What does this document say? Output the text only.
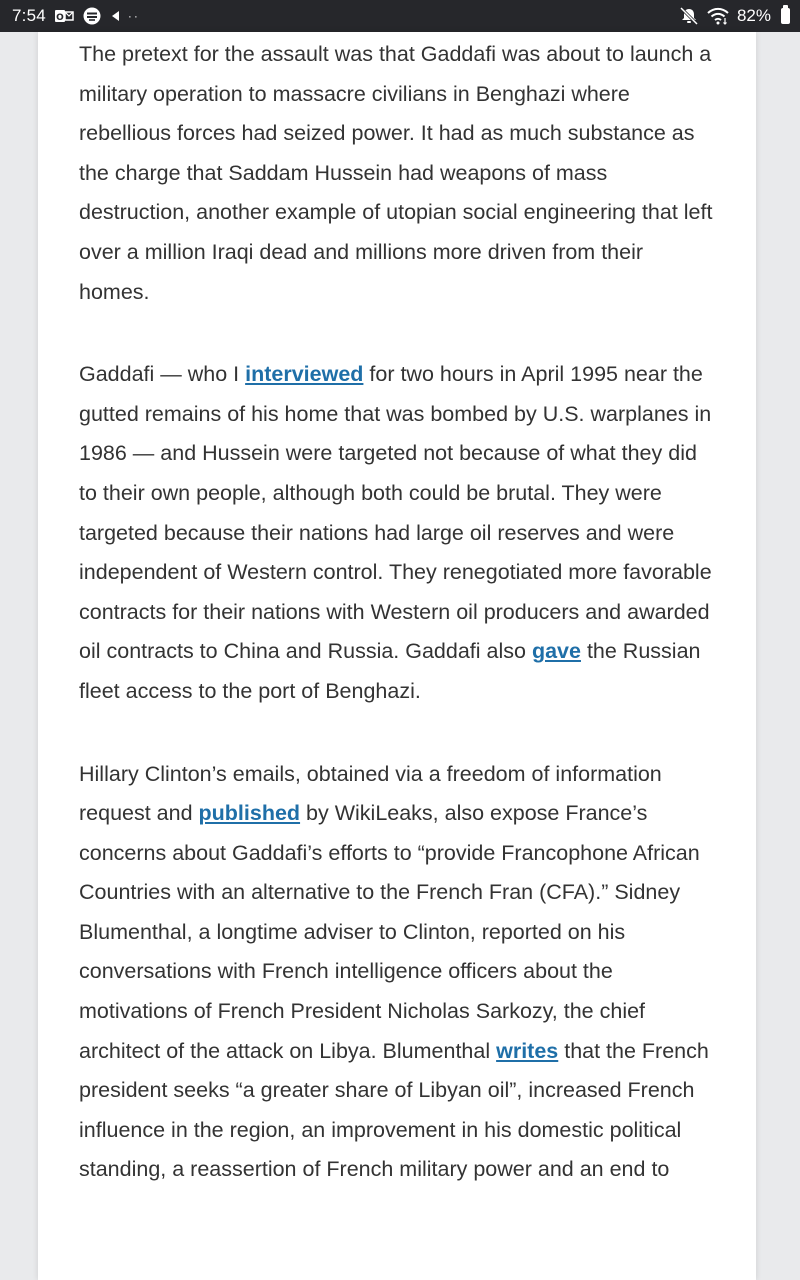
7:54 O	··	82%

The pretext for the assault was that Gaddafi was about to launch a military operation to massacre civilians in Benghazi where rebellious forces had seized power. It had as much substance as the charge that Saddam Hussein had weapons of mass destruction, another example of utopian social engineering that left over a million Iraqi dead and millions more driven from their homes.

Gaddafi — who I interviewed for two hours in April 1995 near the gutted remains of his home that was bombed by U.S. warplanes in 1986 — and Hussein were targeted not because of what they did to their own people, although both could be brutal. They were targeted because their nations had large oil reserves and were independent of Western control. They renegotiated more favorable contracts for their nations with Western oil producers and awarded oil contracts to China and Russia. Gaddafi also gave the Russian fleet access to the port of Benghazi.

Hillary Clinton’s emails, obtained via a freedom of information request and published by WikiLeaks, also expose France’s concerns about Gaddafi’s efforts to “provide Francophone African Countries with an alternative to the French Fran (CFA).” Sidney Blumenthal, a longtime adviser to Clinton, reported on his conversations with French intelligence officers about the motivations of French President Nicholas Sarkozy, the chief architect of the attack on Libya. Blumenthal writes that the French president seeks “a greater share of Libyan oil”, increased French influence in the region, an improvement in his domestic political standing, a reassertion of French military power and an end to
